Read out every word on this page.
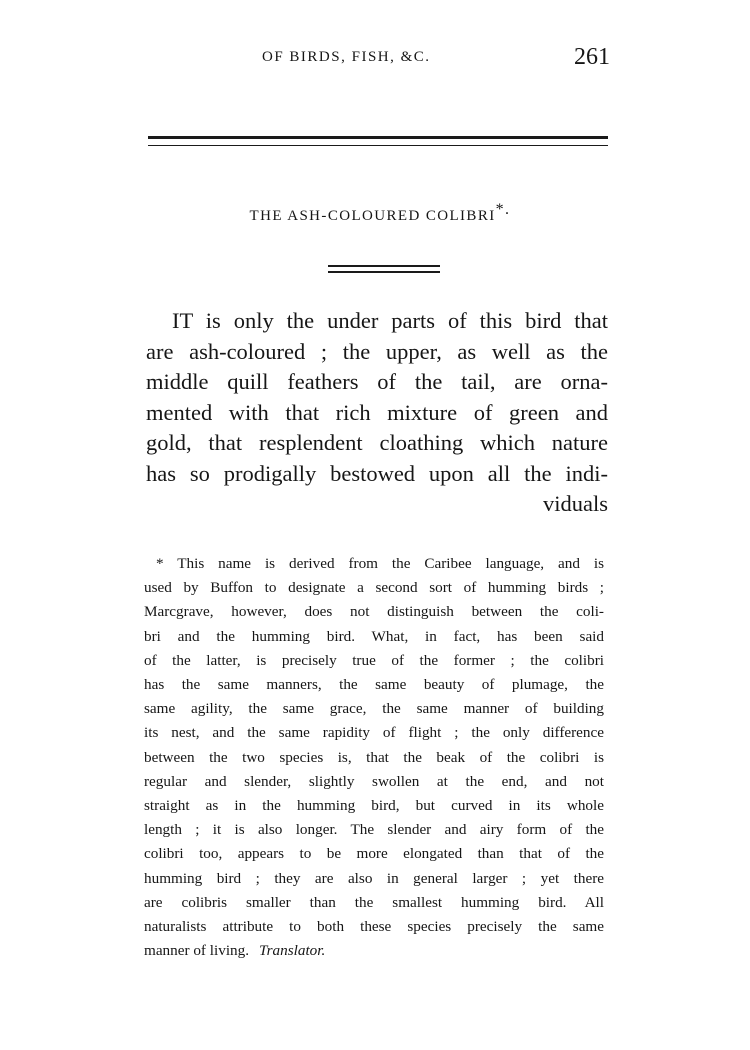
OF BIRDS, FISH, &C.	261
THE ASH-COLOURED COLIBRI*.
IT is only the under parts of this bird that
are ash-coloured ; the upper, as well as the
middle quill feathers of the tail, are orna-
mented with that rich mixture of green and
gold, that resplendent cloathing which nature
has so prodigally bestowed upon all the indi-
viduals
* This name is derived from the Caribee language, and is
used by Buffon to designate a second sort of humming birds ;
Marcgrave, however, does not distinguish between the coli-
bri and the humming bird. What, in fact, has been said
of the latter, is precisely true of the former ; the colibri
has the same manners, the same beauty of plumage, the
same agility, the same grace, the same manner of building
its nest, and the same rapidity of flight ; the only difference
between the two species is, that the beak of the colibri is
regular and slender, slightly swollen at the end, and not
straight as in the humming bird, but curved in its whole
length ; it is also longer. The slender and airy form of the
colibri too, appears to be more elongated than that of the
humming bird ; they are also in general larger ; yet there
are colibris smaller than the smallest humming bird. All
naturalists attribute to both these species precisely the same
manner of living. Translator.
